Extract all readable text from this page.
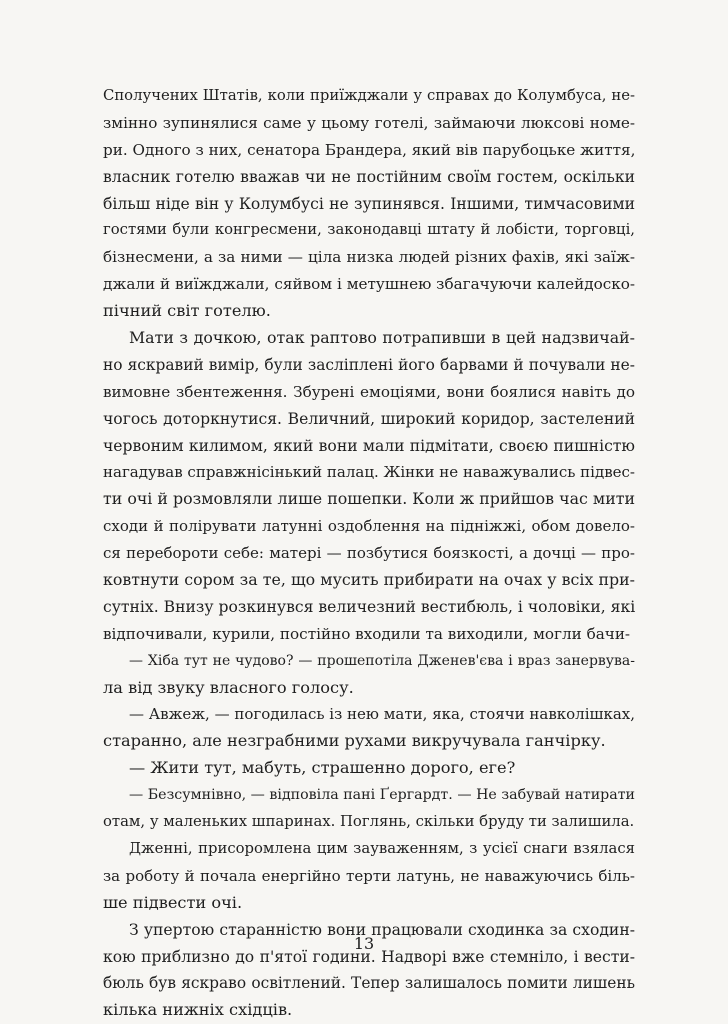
Сполучених Штатів, коли приїжджали у справах до Колумбуса, не-
змінно зупинялися саме у цьому готелі, займаючи люксові номе-
ри. Одного з них, сенатора Брандера, який вів парубоцьке життя,
власник готелю вважав чи не постійним своїм гостем, оскільки
більш ніде він у Колумбусі не зупинявся. Іншими, тимчасовими
гостями були конгресмени, законодавці штату й лобісти, торговці,
бізнесмени, а за ними — ціла низка людей різних фахів, які заїж-
джали й виїжджали, сяйвом і метушнею збагачуючи калейдоско-
пічний світ готелю.
Мати з дочкою, отак раптово потрапивши в цей надзвичай-
но яскравий вимір, були засліплені його барвами й почували не-
вимовне збентеження. Збурені емоціями, вони боялися навіть до
чогось доторкнутися. Величний, широкий коридор, застелений
червоним килимом, який вони мали підмітати, своєю пишністю
нагадував справжнісінький палац. Жінки не наважувались підвес-
ти очі й розмовляли лише пошепки. Коли ж прийшов час мити
сходи й полірувати латунні оздоблення на підніжжі, обом довело-
ся перебороти себе: матері — позбутися боязкості, а дочці — про-
ковтнути сором за те, що мусить прибирати на очах у всіх при-
сутніх. Внизу розкинувся величезний вестибюль, і чоловіки, які
відпочивали, курили, постійно входили та виходили, могли бачи-
— Хіба тут не чудово? — прошепотіла Дженев'єва і враз занервува-
ла від звуку власного голосу.
— Авжеж, — погодилась із нею мати, яка, стоячи навколішках,
старанно, але незграбними рухами викручувала ганчірку.
— Жити тут, мабуть, страшенно дорого, еге?
— Безсумнівно, — відповіла пані Ґергардт. — Не забувай натирати
отам, у маленьких шпаринах. Поглянь, скільки бруду ти залишила.
Дженні, присоромлена цим зауваженням, з усієї снаги взялася
за роботу й почала енергійно терти латунь, не наважуючись біль-
ше підвести очі.
З упертою старанністю вони працювали сходинка за сходин-
кою приблизно до п'ятої години. Надворі вже стемніло, і вести-
бюль був яскраво освітлений. Тепер залишалось помити лишень
кілька нижніх східців.
13
